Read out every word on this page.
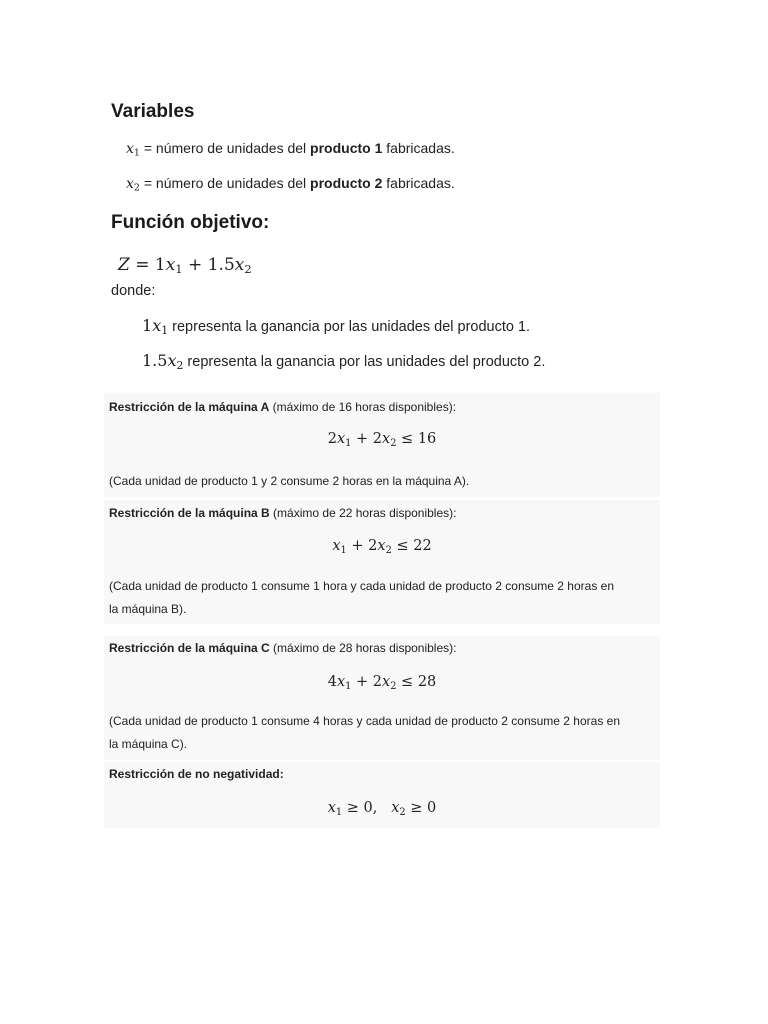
Variables
$x_1$ = número de unidades del producto 1 fabricadas.
$x_2$ = número de unidades del producto 2 fabricadas.
Función objetivo:
$Z = 1x_1 + 1.5x_2$
donde:
$1x_1$ representa la ganancia por las unidades del producto 1.
$1.5x_2$ representa la ganancia por las unidades del producto 2.
Restricción de la máquina A (máximo de 16 horas disponibles):
$2x_1 + 2x_2 \le 16$
(Cada unidad de producto 1 y 2 consume 2 horas en la máquina A).
Restricción de la máquina B (máximo de 22 horas disponibles):
$x_1 + 2x_2 \le 22$
(Cada unidad de producto 1 consume 1 hora y cada unidad de producto 2 consume 2 horas en
la máquina B).
Restricción de la máquina C (máximo de 28 horas disponibles):
$4x_1 + 2x_2 \le 28$
(Cada unidad de producto 1 consume 4 horas y cada unidad de producto 2 consume 2 horas en
la máquina C).
Restricción de no negatividad:
$x_1 \ge 0$, $x_2 \ge 0$
